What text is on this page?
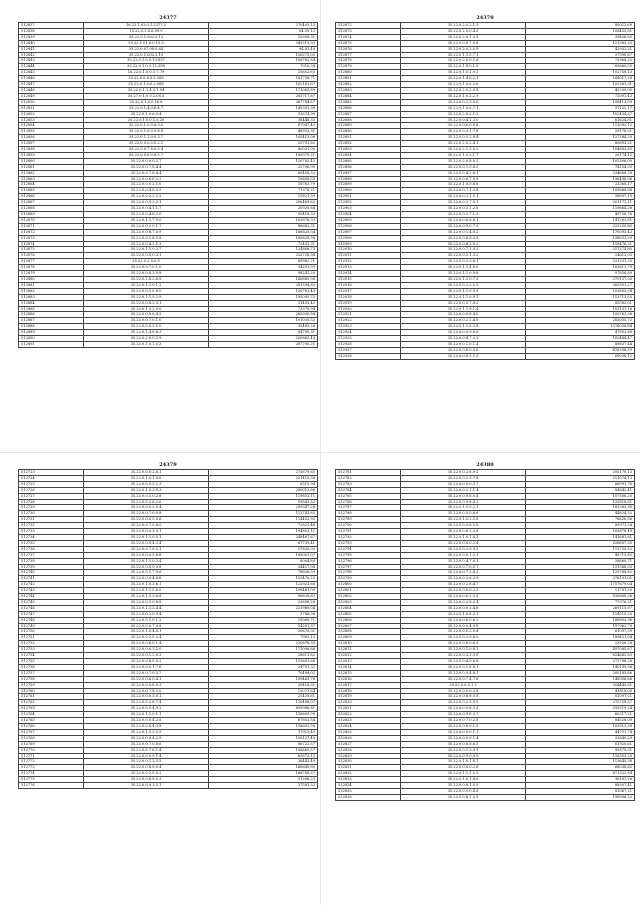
24377
512837	16.22.1.02.0.1.2377.2	270403,13
512838	15.22.0.3.0.6.09.9	04.59,12
512839	35.22.0.1.002.5.12	10308,31
512840	35.22.1.01.6.0.15.3	345313,93
512841	35.22.0.07.98.0.84	94.81,49
512842	35.22.0.1.002.2.10	116275,03
512843	35.22.0.1.0.0.13.837	106762,84
512844	35.22.0.1.0.0.15.398	7010,34
512845	16.22.0.1.0.0.1.7.79	15652,63
512846	35.22.0.0.6.0.5.265	181758,71
512847	35.22.0.1.0.0.2.568	162161,67
512848	35.22.0.1.1.4.0.1.94	171065,89
512849	35.27.0.1.0.0.2.08.5	285717,67
512850	35.22.0.1.0.0.16.8	267784,67
512851	35.22.0.1.4.0.6.4.7	145301,38
512852	35.22.0.1.0.6.0.4	55674,99
512853	35.22.0.1.0.0.1.0.20	38448,33
512854	35.22.0.1.0.0.6.3.0	87947,42
512855	35.22.0.1.0.0.0.8.8	48932,31
512856	35.22.0.1.1.0.0.3.7	105413,06
512857	35.22.0.0.0.0.0.2.1	20791,83
512858	35.22.0.0.7.8.0.5.4	80031,00
512859	35.22.0.0.6.0.8.5.7	185979,21
512860	35.22.0.0.0.0.2.7	120783,42
512861	35.22.0.0.7.8.4.4	22706,95
512862	35.22.0.0.7.8.4.4	60458,32
512863	35.22.0.0.6.0.2.2	10606,59
512864	35.22.0.0.0.2.1.0	16763,79
512865	35.22.0.0.4.0.2.5	71576,21
512866	35.22.0.0.2.2.2.2	15821,39
512867	35.22.0.0.9.2.2.1	206489,62
512868	35.22.0.0.4.1.1.7	20920,84
512869	35.22.0.0.4.8.2.0	50418,33
512870	35.22.0.1.1.7.9.0	163878,33
512871	35.22.0.0.2.0.1.7	88682,31
512872	35.22.0.0.8.7.0.9	166625,54
512873	35.22.0.0.1.8.5.8	165629,98
512874	35.22.0.0.4.2.1.3	72451,31
512875	35.22.0.1.1.0.2.7	124888,73
512876	35.22.0.0.0.0.3.1	222728,54
512877	35.22.0.2.0.0.9	89962,21
512878	35.22.0.0.7.0.1.0	34251,99
512879	35.22.0.0.8.3.9.8	98241,20
512880	35.22.0.2.8.2.6.8	166883,98
512881	35.22.0.1.1.0.1.2	281594,85
512882	35.22.0.0.1.0.8.0	120763,43
512883	35.22.0.1.1.5.2.9	195095,75
512884	35.22.0.0.8.2.3.1	31493,42
512885	35.22.0.1.5.2.0.0	73379,94
512886	35.22.0.0.8.8.4.5	265300,84
512887	35.22.0.0.7.0.1.0	101030,52
512888	35.22.0.0.0.3.1.0	32489,28
512889	35.22.0.1.4.0.8.3	84700,31
512890	35.22.0.2.0.0.2.9	250665,43
512891	35.22.0.1.0.1.5.3	287795,21
24378
512872	35.22.0.2.0.2.1.3	85012,69
512873	35.22.0.2.0.0.4.3	108455,81
512874	35.22.0.2.0.1.3.5	39456,82
512875	35.22.0.0.0.7.9.8	121563,22
512876	35.22.0.2.0.2.0.9	42932,21
512877	35.22.0.1.1.0.7.1	27990,67
512878	35.22.0.2.0.0.1.6	72968,22
512879	35.22.0.1.8.0.1.9	63660,55
512880	35.22.0.1.0.1.9.3	102758,13
512881	35.22.0.1.4.0.2.1	168017,29
512882	35.22.0.1.0.0.2.6	102361,31
512883	35.22.0.2.0.2.0.8	45339,95
512884	35.22.0.1.0.2.2.9	72091,43
512885	35.22.0.0.2.3.3.0	106413,09
512886	35.22.0.1.0.0.7.1	57122,17
512887	35.22.0.2.0.2.1.2	102434,37
512888	35.22.0.0.4.1.3.0	61624,81
512889	35.22.0.0.6.0.0.8	113092,12
512890	35.22.0.0.3.1.7.8	29176,21
512891	35.22.0.0.5.2.8.4	127384,29
512892	35.22.0.2.0.2.4.1	80693,21
512893	35.22.0.2.1.3.0.2	104883,85
512894	35.22.0.1.5.2.1.7	26174,12
512895	35.22.0.2.0.8.0.2	105306,00
512896	35.22.0.0.1.0.6.5	74154,33
512897	35.22.0.0.4.2.8.1	234668,39
512898	35.22.0.0.6.7.9.9	196496,96
512899	35.22.0.1.0.0.8.8	23368,17
512900	35.22.0.0.7.1.2.8	105668,88
512901	35.22.0.0.2.1.5.1	58807,19
512902	35.22.0.0.2.7.9.1	201171,11
512903	35.22.0.0.3.1.2.5	119664,28
512904	35.22.0.0.2.7.1.2	49726,76
512905	35.22.0.0.6.8.6.1	141262,81
512906	35.22.0.0.9.0.7.5	223250,85
512907	35.22.0.0.1.4.8.2	170093,42
512908	35.22.0.0.8.0.3.9	158031,29
512909	35.22.0.0.6.2.0.2	118476,21
512910	35.22.0.0.7.1.0.2	217274,85
512911	35.22.0.0.2.1.3.2	24612,05
512912	35.22.0.0.2.3.8.1	231231,55
512913	35.22.0.1.1.4.8.0	163611,70
512914	35.22.0.1.1.0.9.8	97856,89
512915	35.22.0.1.1.0.7.3	279157,00
512916	35.22.0.0.2.2.5.3	262951,27
512917	35.22.0.1.1.0.9.5	103603,94
512918	35.22.0.1.1.0.9.1	113713,55
512919	35.22.0.0.0.7.8.2	85082,01
512920	35.22.0.1.1.9.1.4	103131,16
512921	35.22.0.0.0.8.4.0	100763,36
512922	35.22.0.0.2.2.4.9	282055,72
512923	35.22.0.1.1.0.5.8	1376028,84
512924	35.22.0.0.5.9.8.8	47802,89
512925	35.22.0.0.4.7.2.2	102484,47
512926	35.22.0.0.1.0.1.4	89837,44
512927	35.22.0.0.8.0.5.8	476206,59
512928	35.22.0.0.8.1.1.5	69036,12
24379
512723	35.22.0.0.0.2.6.1	275679,65
512724	35.22.0.1.0.1.8.6	251415,58
512725	35.22.0.0.0.3.2.3	6515,94
512726	35.22.0.1.0.2.9.3	280013,86
512727	35.22.0.0.5.0.2.8	119853,11
512728	35.22.0.0.2.6.2.6	59542,32
512729	35.22.0.0.0.2.5.4	299347,26
512730	35.22.0.0.7.0.0.8	112743,85
512731	35.22.0.0.0.5.0.6	114452,92
512732	35.22.0.0.7.0.8.0	72821,46
512733	35.22.0.0.0.2.3.1	104853,11
512734	35.22.0.1.1.0.5.1	248467,67
512735	35.22.0.0.9.4.3.4	67739,41
512736	35.22.0.0.7.0.3.1	57825,03
512737	35.22.0.0.0.5.6.6	165001,07
512738	35.22.0.1.1.0.2.4	8004,80
512739	35.22.0.0.0.0.0.8	24417,94
512740	35.22.0.0.1.7.9.6	78626,59
512741	35.22.0.0.0.4.6.6	102470,23
512742	35.22.0.1.0.2.6.1	122923,66
512743	35.22.0.1.1.0.6.0	108481,09
512744	35.22.0.1.0.2.6.8	96628,63
512745	35.22.0.0.1.0.6.8	23696,28
512746	35.22.0.1.1.2.4.4	221980,04
512747	35.22.0.0.2.0.9.4	3766,36
512748	35.22.0.0.1.0.1.2	15069,71
512749	35.22.0.0.0.7.9.8	14291,37
512750	35.22.0.1.0.4.8.1	20678,31
512751	35.22.0.0.2.0.2.4	7981,13
512752	35.22.0.0.6.0.1.4	220878,39
512753	35.22.0.0.0.3.2.0	171098,66
512754	35.22.0.0.1.2.0.3	28611,82
512755	35.22.0.0.8.0.9.2	113601,66
512756	35.22.0.0.0.1.7.6	24751,32
512757	35.22.0.0.7.0.5.7	70498,02
512758	35.22.0.0.6.0.4.1	199465,76
512759	35.22.0.0.0.8.9.3	30418,51
512760	35.22.0.0.7.8.3.0	12073,64
512761	35.22.0.0.0.3.0.1	25458,61
512762	35.22.0.0.2.6.7.4	120496,07
512763	35.22.0.0.5.4.9.2	699986,81
512764	35.22.0.1.1.0.1.1	158805,99
512765	35.22.0.0.0.4.2.6	87852,54
512766	35.22.0.0.8.4.3.8	158601,98
512767	35.22.0.1.0.2.5.9	37913,45
512768	35.22.0.0.0.4.2.9	106127,45
512769	35.22.0.0.7.0.8.6	88722,57
512770	35.22.0.0.7.6.1.4	108665,57
512771	35.22.0.0.0.9.1.4	65673,12
512772	35.22.0.0.1.2.3.5	36443,49
512773	35.22.0.0.8.8.0.4	166649,60
512774	35.22.0.0.2.0.9.2	166788,57
512775	35.22.0.0.8.8.0.3	51206,29
512776	35.22.0.0.9.2.3.1	27581,52
24380
532781	35.22.0.0.2.8.9.2	205170,13
532782	35.22.0.0.2.3.7.8	211074,13
532783	35.22.0.0.0.0.3.7	66991,76
532784	35.22.0.0.2.1.1.4	84642,41
532785	35.22.0.0.9.8.0.4	107506,20
532786	35.22.0.0.9.8.4.3	120818,81
532787	35.22.0.1.1.0.2.1	165383,95
532788	35.22.0.0.9.0.8.6	44824,52
532789	35.22.0.1.0.2.5.8	76626,56
532790	35.22.0.0.0.6.5.8	83971,24
532791	35.22.0.0.6.2.3.8	165878,49
532792	35.22.0.1.0.1.8.3	141681,81
532793	35.22.0.0.8.0.2.4	526657,35
532794	35.22.0.0.2.0.9.3	113735,22
532795	35.22.0.0.0.1.3.1	48713,82
532796	35.22.0.0.4.7.0.1	28860,71
532797	35.22.0.0.7.0.5.7	151568,50
532798	35.22.0.0.7.2.4.2	120768,82
532799	35.22.0.0.2.6.2.9	276101,01
532800	35.22.0.0.2.8.4.7	1757679,04
532801	35.22.0.0.0.0.2.5	11781,20
532802	35.22.0.0.0.1.3.5	536668,36
532803	35.22.0.0.2.8.2.4	77376,21
532804	35.22.0.0.0.2.4.6	269115,97
532805	35.22.0.1.0.6.2.1	114515,20
532806	35.22.0.0.6.0.6.2	166803,36
532807	35.22.0.0.0.4.9.8	197962,79
532808	35.22.0.0.0.2.0.4	61097,39
532809	35.22.0.0.2.0.8.0	189451,04
532810	35.22.0.0.6.0.6.3	23926,28
532811	35.22.0.0.1.0.8.1	497085,67
532812	35.22.0.0.3.3.9.9	624685,85
532813	35.22.0.0.4.9.6.6	273798,28
532814	35.22.0.0.1.8.8.1	140199,56
532815	35.22.0.0.9.4.8.1	200185,86
532816	35.22.0.0.7.4.7.8	148956,86
532817	35.22.0.0.0.1.5	204445,81
532818	35.22.0.0.0.0.3.8	41818,05
532819	35.22.0.0.8.8.0.8	81097,21
532820	35.22.0.0.2.5.9.5	270728,37
532821	35.22.0.0.0.8.3.3	255219,24
532822	35.22.0.0.9.8.3.7	60317,21
532823	35.22.0.0.7.0.2.8	84528,09
532824	35.22.0.0.8.0.1.5	103513,39
532825	35.22.0.0.0.0.1.1	44751,74
532826	35.22.0.0.0.0.1.4	23640,29
532827	35.22.0.0.8.8.6.5	61920,61
532828	35.22.0.0.1.3.9.1	95879,31
532829	35.22.0.0.9.0.9.0	116303,20
532830	35.22.0.1.0.1.8.1	113645,38
532831	35.22.0.0.8.0.2.6	68038,62
532832	35.22.0.1.1.1.5.3	671322,84
532833	35.22.0.1.0.1.4.9	36161,26
532834	35.22.0.0.8.1.0.9	88307,41
532835	35.22.0.0.0.0.8.8	81067,21
532836	35.22.0.0.8.1.3.9	198906,22
